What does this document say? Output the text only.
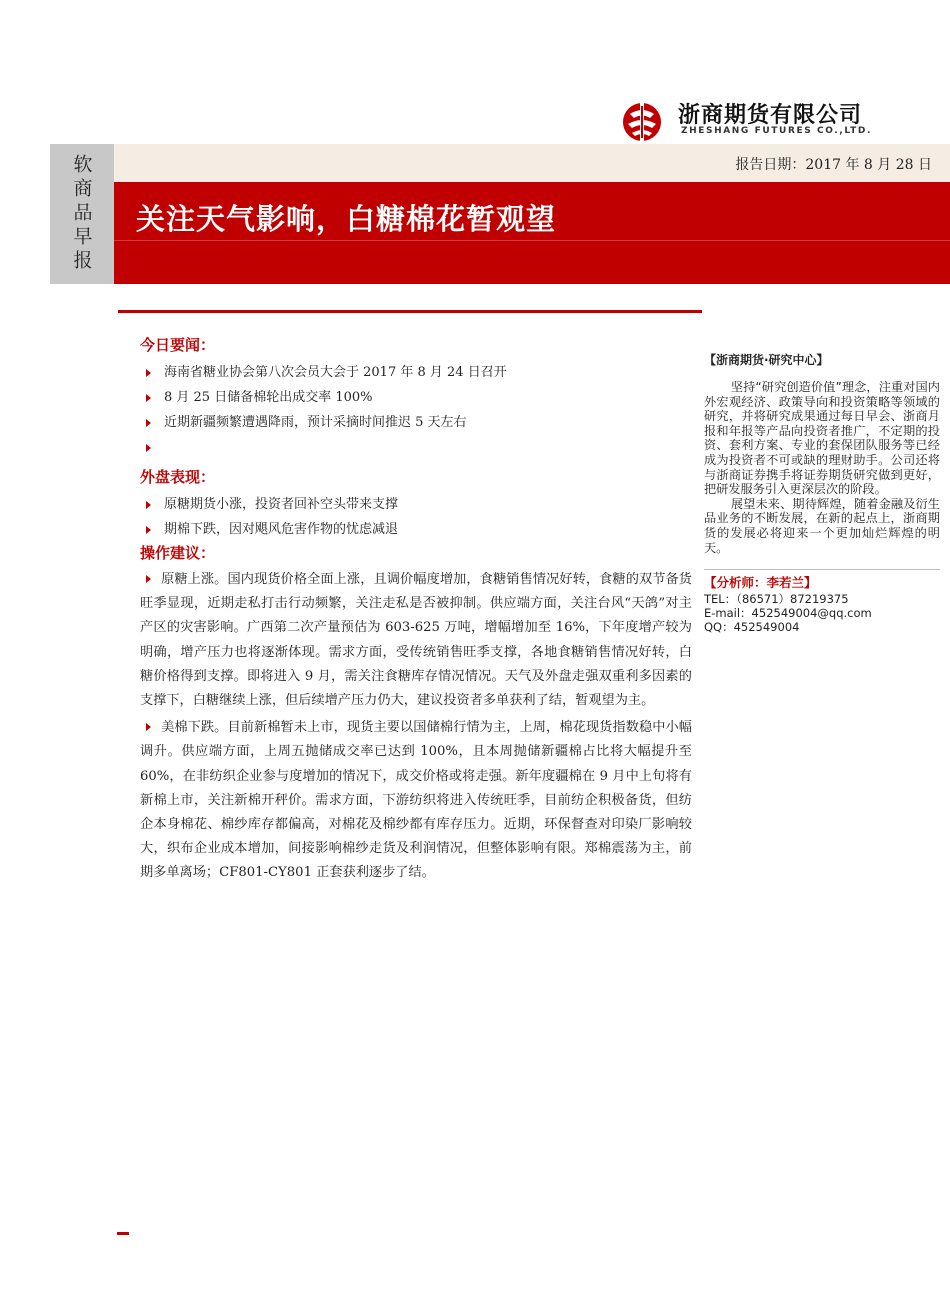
浙商期货有限公司
ZHESHANG FUTURES CO.,LTD.
软商品早报	报告日期：2017 年 8 月 28 日
关注天气影响，白糖棉花暂观望
今日要闻：
海南省糖业协会第八次会员大会于 2017 年 8 月 24 日召开
8 月 25 日储备棉轮出成交率 100%
近期新疆频繁遭遇降雨，预计采摘时间推迟 5 天左右
外盘表现：
原糖期货小涨，投资者回补空头带来支撑
期棉下跌，因对飓风危害作物的忧虑减退
操作建议：

原糖上涨。国内现货价格全面上涨，且调价幅度增加，食糖销售情况好转，食糖的双节备货旺季显现，近期走私打击行动频繁，关注走私是否被抑制。供应端方面，关注台风“天鸽”对主产区的灾害影响。广西第二次产量预估为 603-625 万吨，增幅增加至 16%，下年度增产较为明确，增产压力也将逐渐体现。需求方面，受传统销售旺季支撑，各地食糖销售情况好转，白糖价格得到支撑。即将进入 9 月，需关注食糖库存情况情况。天气及外盘走强双重利多因素的支撑下，白糖继续上涨，但后续增产压力仍大，建议投资者多单获利了结，暂观望为主。

美棉下跌。目前新棉暂未上市，现货主要以国储棉行情为主，上周，棉花现货指数稳中小幅调升。供应端方面，上周五抛储成交率已达到 100%，且本周抛储新疆棉占比将大幅提升至 60%，在非纺织企业参与度增加的情况下，成交价格或将走强。新年度疆棉在 9 月中上旬将有新棉上市，关注新棉开秤价。需求方面，下游纺织将进入传统旺季，目前纺企积极备货，但纺企本身棉花、棉纱库存都偏高，对棉花及棉纱都有库存压力。近期，环保督查对印染厂影响较大，织布企业成本增加，间接影响棉纱走货及利润情况，但整体影响有限。郑棉震荡为主，前期多单离场；CF801-CY801 正套获利逐步了结。

【浙商期货·研究中心】

坚持“研究创造价值”理念，注重对国内外宏观经济、政策导向和投资策略等领域的研究，并将研究成果通过每日早会、浙商月报和年报等产品向投资者推广，不定期的投资、套利方案、专业的套保团队服务等已经成为投资者不可或缺的理财助手。公司还将与浙商证券携手将证券期货研究做到更好，把研发服务引入更深层次的阶段。

展望未来、期待辉煌，随着金融及衍生品业务的不断发展，在新的起点上，浙商期货的发展必将迎来一个更加灿烂辉煌的明天。

【分析师：李若兰】
TEL：（86571）87219375
E-mail：452549004@qq.com
QQ：452549004
